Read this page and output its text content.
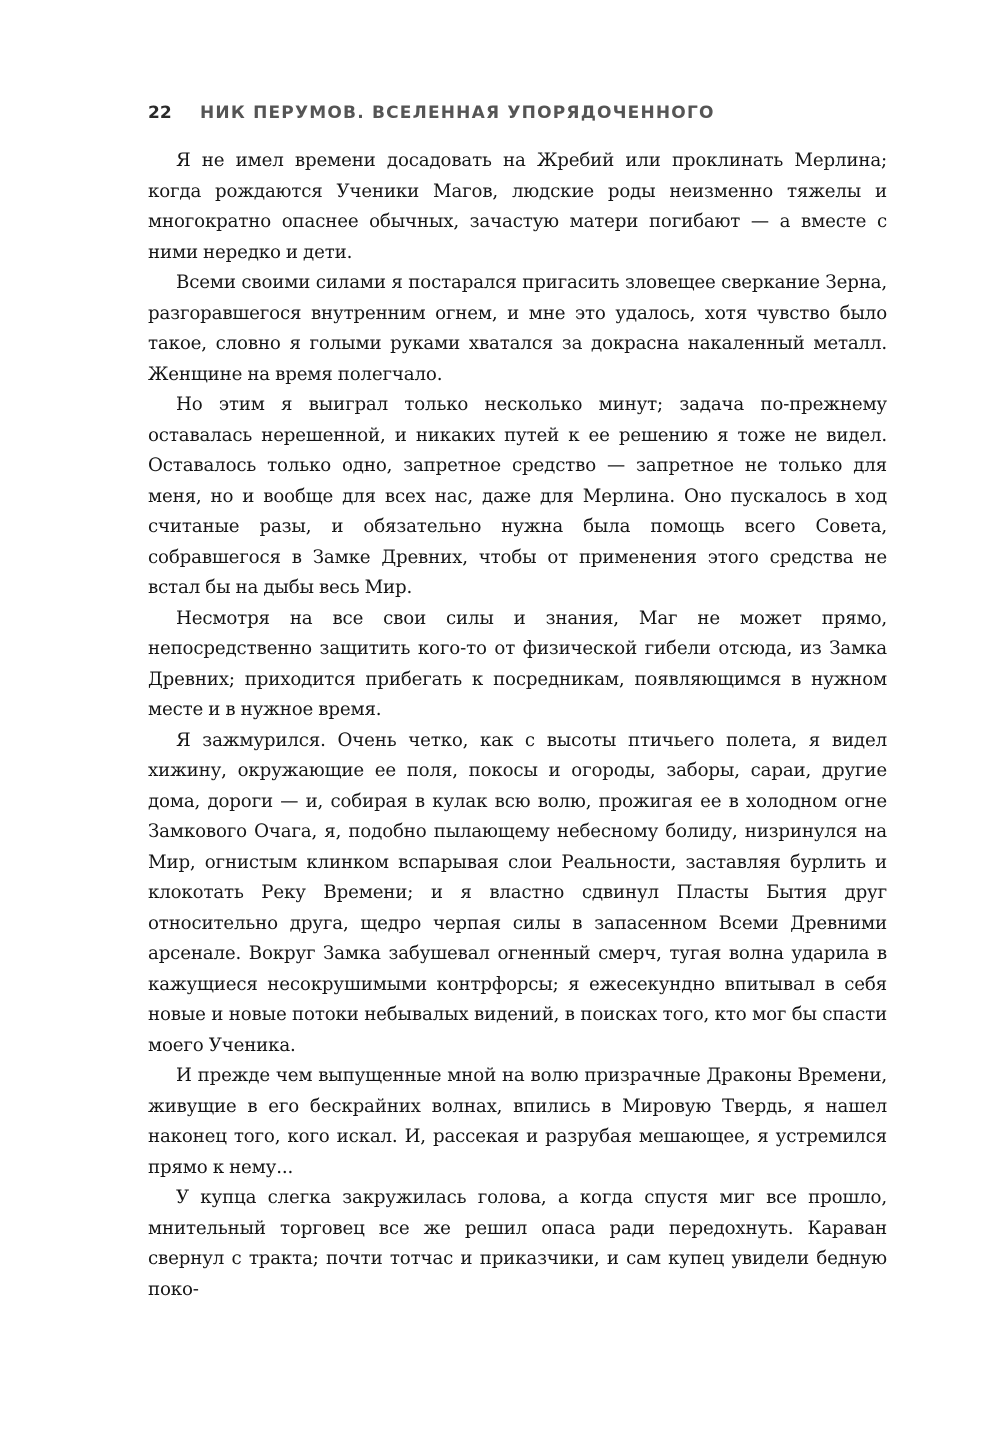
22	НИК ПЕРУМОВ. ВСЕЛЕННАЯ УПОРЯДОЧЕННОГО

Я не имел времени досадовать на Жребий или проклинать Мерлина; когда рождаются Ученики Магов, людские роды неизменно тяжелы и многократно опаснее обычных, зачастую матери погибают — а вместе с ними нередко и дети.

Всеми своими силами я постарался пригасить зловещее сверкание Зерна, разгоравшегося внутренним огнем, и мне это удалось, хотя чувство было такое, словно я голыми руками хватался за докрасна накаленный металл. Женщине на время полегчало.

Но этим я выиграл только несколько минут; задача по-прежнему оставалась нерешенной, и никаких путей к ее решению я тоже не видел. Оставалось только одно, запретное средство — запретное не только для меня, но и вообще для всех нас, даже для Мерлина. Оно пускалось в ход считаные разы, и обязательно нужна была помощь всего Совета, собравшегося в Замке Древних, чтобы от применения этого средства не встал бы на дыбы весь Мир.

Несмотря на все свои силы и знания, Маг не может прямо, непосредственно защитить кого-то от физической гибели отсюда, из Замка Древних; приходится прибегать к посредникам, появляющимся в нужном месте и в нужное время.

Я зажмурился. Очень четко, как с высоты птичьего полета, я видел хижину, окружающие ее поля, покосы и огороды, заборы, сараи, другие дома, дороги — и, собирая в кулак всю волю, прожигая ее в холодном огне Замкового Очага, я, подобно пылающему небесному болиду, низринулся на Мир, огнистым клинком вспарывая слои Реальности, заставляя бурлить и клокотать Реку Времени; и я властно сдвинул Пласты Бытия друг относительно друга, щедро черпая силы в запасенном Всеми Древними арсенале. Вокруг Замка забушевал огненный смерч, тугая волна ударила в кажущиеся несокрушимыми контрфорсы; я ежесекундно впитывал в себя новые и новые потоки небывалых видений, в поисках того, кто мог бы спасти моего Ученика.

И прежде чем выпущенные мной на волю призрачные Драконы Времени, живущие в его бескрайних волнах, впились в Мировую Твердь, я нашел наконец того, кого искал. И, рассекая и разрубая мешающее, я устремился прямо к нему...

У купца слегка закружилась голова, а когда спустя миг все прошло, мнительный торговец все же решил опаса ради передохнуть. Караван свернул с тракта; почти тотчас и приказчики, и сам купец увидели бедную поко-
